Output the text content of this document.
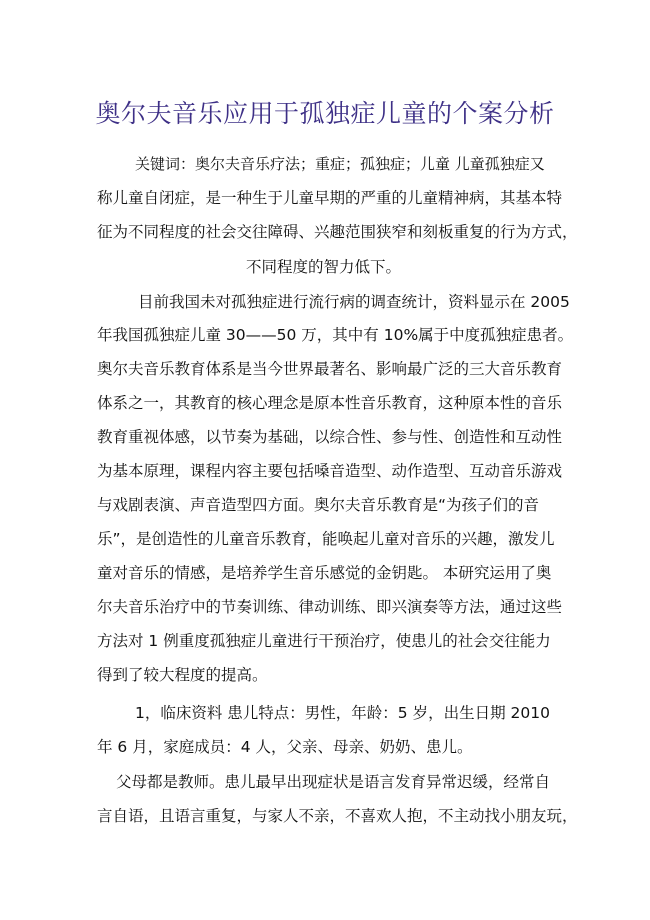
奥尔夫音乐应用于孤独症儿童的个案分析
关键词：奥尔夫音乐疗法；重症；孤独症；儿童 儿童孤独症又
称儿童自闭症，是一种生于儿童早期的严重的儿童精神病，其基本特
征为不同程度的社会交往障碍、兴趣范围狭窄和刻板重复的行为方式，
不同程度的智力低下。
目前我国未对孤独症进行流行病的调查统计，资料显示在 2005
年我国孤独症儿童 30——50 万，其中有 10%属于中度孤独症患者。
奥尔夫音乐教育体系是当今世界最著名、影响最广泛的三大音乐教育
体系之一，其教育的核心理念是原本性音乐教育，这种原本性的音乐
教育重视体感，以节奏为基础，以综合性、参与性、创造性和互动性
为基本原理，课程内容主要包括嗓音造型、动作造型、互动音乐游戏
与戏剧表演、声音造型四方面。奥尔夫音乐教育是“为孩子们的音
乐”，是创造性的儿童音乐教育，能唤起儿童对音乐的兴趣，激发儿
童对音乐的情感，是培养学生音乐感觉的金钥匙。 本研究运用了奥
尔夫音乐治疗中的节奏训练、律动训练、即兴演奏等方法，通过这些
方法对 1 例重度孤独症儿童进行干预治疗，使患儿的社会交往能力
得到了较大程度的提高。
1，临床资料 患儿特点：男性，年龄：5 岁，出生日期 2010
年 6 月，家庭成员：4 人，父亲、母亲、奶奶、患儿。
父母都是教师。患儿最早出现症状是语言发育异常迟缓，经常自
言自语，且语言重复，与家人不亲，不喜欢人抱，不主动找小朋友玩，
